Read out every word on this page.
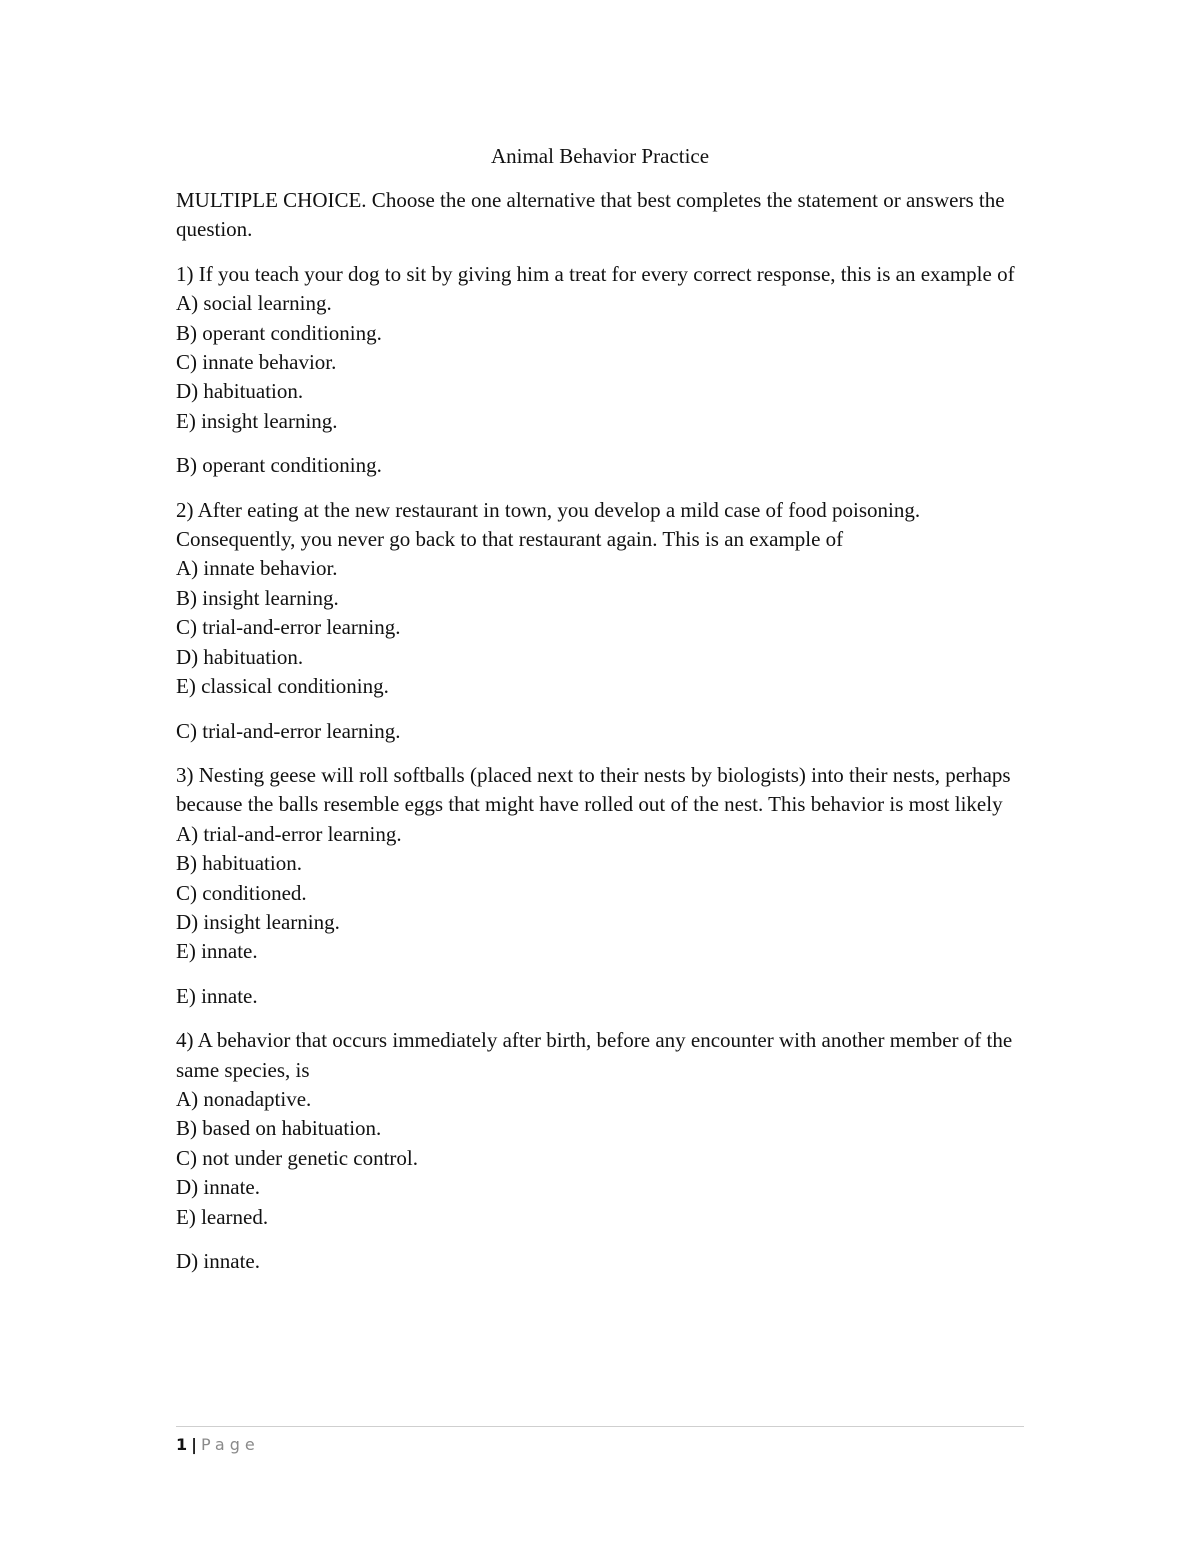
Animal Behavior Practice

MULTIPLE CHOICE. Choose the one alternative that best completes the statement or answers the question.

1) If you teach your dog to sit by giving him a treat for every correct response, this is an example of

A) social learning.
B) operant conditioning.
C) innate behavior.
D) habituation.
E) insight learning.

B) operant conditioning.

2) After eating at the new restaurant in town, you develop a mild case of food poisoning. Consequently, you never go back to that restaurant again. This is an example of

A) innate behavior.
B) insight learning.
C) trial-and-error learning.
D) habituation.
E) classical conditioning.

C) trial-and-error learning.

3) Nesting geese will roll softballs (placed next to their nests by biologists) into their nests, perhaps because the balls resemble eggs that might have rolled out of the nest. This behavior is most likely

A) trial-and-error learning.
B) habituation.
C) conditioned.
D) insight learning.
E) innate.

E) innate.

4) A behavior that occurs immediately after birth, before any encounter with another member of the same species, is

A) nonadaptive.
B) based on habituation.
C) not under genetic control.
D) innate.
E) learned.

D) innate.

1 | Page
